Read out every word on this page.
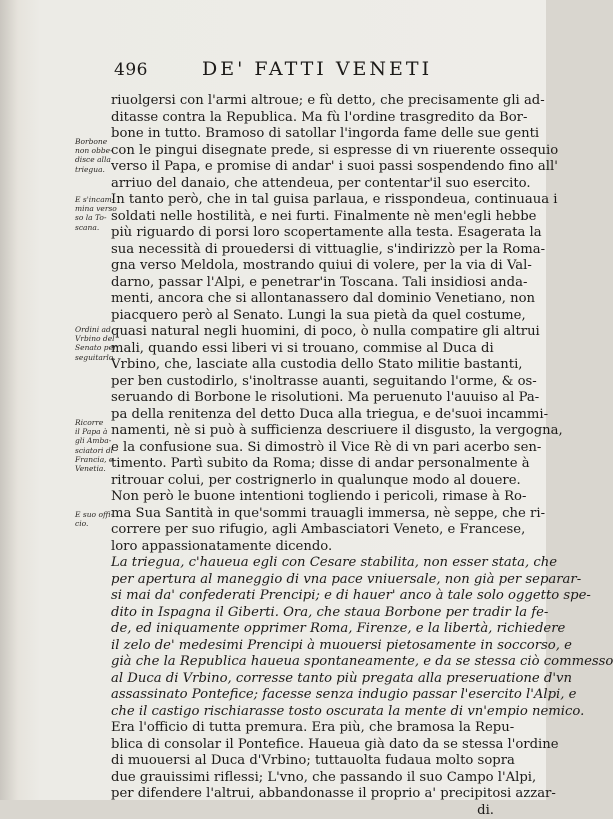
496	DE' FATTI VENETI
Borbone
non obbe-
disce alla
triegua.
E s'incam-
mina verso
so la To-
scana.
Ordini ad
Vrbino del
Senato per
seguitarlo.
Ricorre
il Papa à
gli Amba-
sciatori di
Francia, e
Venetia.
E suo offi-
cio.
riuolgersi con l'armi altroue; e fù detto, che precisamente gli ad-
ditasse contra la Republica. Ma fù l'ordine trasgredito da Bor-
bone in tutto. Bramoso di satollar l'ingorda fame delle sue genti
con le pingui disegnate prede, si espresse di vn riuerente ossequio
verso il Papa, e promise di andar' i suoi passi sospendendo fino all'
arriuo del danaio, che attendeua, per contentar'il suo esercito.
In tanto però, che in tal guisa parlaua, e risspondeua, continuaua i
soldati nelle hostilità, e nei furti. Finalmente nè men'egli hebbe
più riguardo di porsi loro scopertamente alla testa. Esagerata la
sua necessità di prouedersi di vittuaglie, s'indirizzò per la Roma-
gna verso Meldola, mostrando quiui di volere, per la via di Val-
darno, passar l'Alpi, e penetrar'in Toscana. Tali insidiosi anda-
menti, ancora che si allontanassero dal dominio Venetiano, non
piacquero però al Senato. Lungi la sua pietà da quel costume,
quasi natural negli huomini, di poco, ò nulla compatire gli altrui
mali, quando essi liberi vi si trouano, commise al Duca di
Vrbino, che, lasciate alla custodia dello Stato militie bastanti,
per ben custodirlo, s'inoltrasse auanti, seguitando l'orme, & os-
seruando di Borbone le risolutioni. Ma peruenuto l'auuiso al Pa-
pa della renitenza del detto Duca alla triegua, e de'suoi incammi-
namenti, nè si può à sufficienza descriuere il disgusto, la vergogna,
e la confusione sua. Si dimostrò il Vice Rè di vn pari acerbo sen-
timento. Partì subito da Roma; disse di andar personalmente à
ritrouar colui, per costrignerlo in qualunque modo al douere.
Non però le buone intentioni togliendo i pericoli, rimase à Ro-
ma Sua Santità in que'sommi trauagli immersa, nè seppe, che ri-
correre per suo rifugio, agli Ambasciatori Veneto, e Francese,
loro appassionatamente dicendo.
La triegua, c'haueua egli con Cesare stabilita, non esser stata, che
per apertura al maneggio di vna pace vniuersale, non già per separar-
si mai da' confederati Prencipi; e di hauer' anco à tale solo oggetto spe-
dito in Ispagna il Giberti. Ora, che staua Borbone per tradir la fe-
de, ed iniquamente opprimer Roma, Firenze, e la libertà, richiedere
il zelo de' medesimi Prencipi à muouersi pietosamente in soccorso, e
già che la Republica haueua spontaneamente, e da se stessa ciò commesso
al Duca di Vrbino, corresse tanto più pregata alla preseruatione d'vn
assassinato Pontefice; facesse senza indugio passar l'esercito l'Alpi, e
che il castigo rischiarasse tosto oscurata la mente di vn'empio nemico.
Era l'officio di tutta premura. Era più, che bramosa la Repu-
blica di consolar il Pontefice. Haueua già dato da se stessa l'ordine
di muouersi al Duca d'Vrbino; tuttauolta fudaua molto sopra
due grauissimi riflessi; L'vno, che passando il suo Campo l'Alpi,
per difendere l'altrui, abbandonasse il proprio a' precipitosi azzar-
di.
